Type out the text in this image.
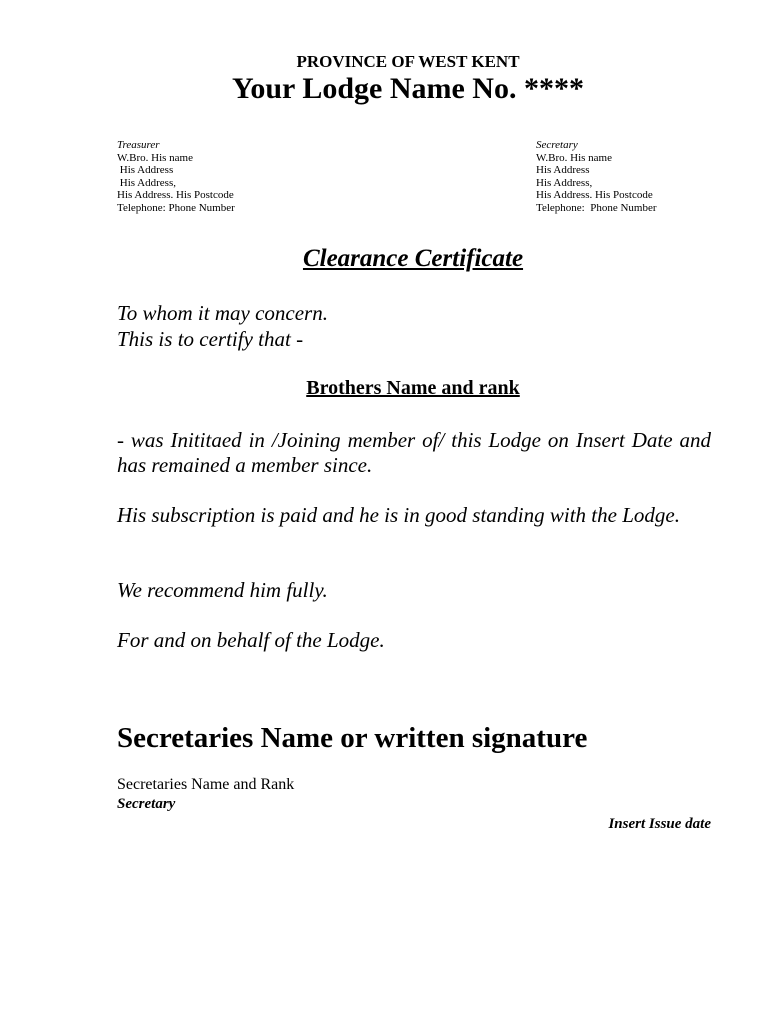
PROVINCE OF WEST KENT
Your Lodge Name No. ****
Treasurer
W.Bro. His name
His Address
His Address,
His Address. His Postcode
Telephone: Phone Number
Secretary
W.Bro. His name
His Address
His Address,
His Address. His Postcode
Telephone:  Phone Number
Clearance Certificate
To whom it may concern.
This is to certify that -
Brothers Name and rank
- was Inititaed in /Joining member of/ this Lodge on Insert Date and has remained a member since.
His subscription is paid and he is in good standing with the Lodge.
We recommend him fully.
For and on behalf of the Lodge.
Secretaries Name or written signature
Secretaries Name and Rank
Secretary
Insert Issue date
